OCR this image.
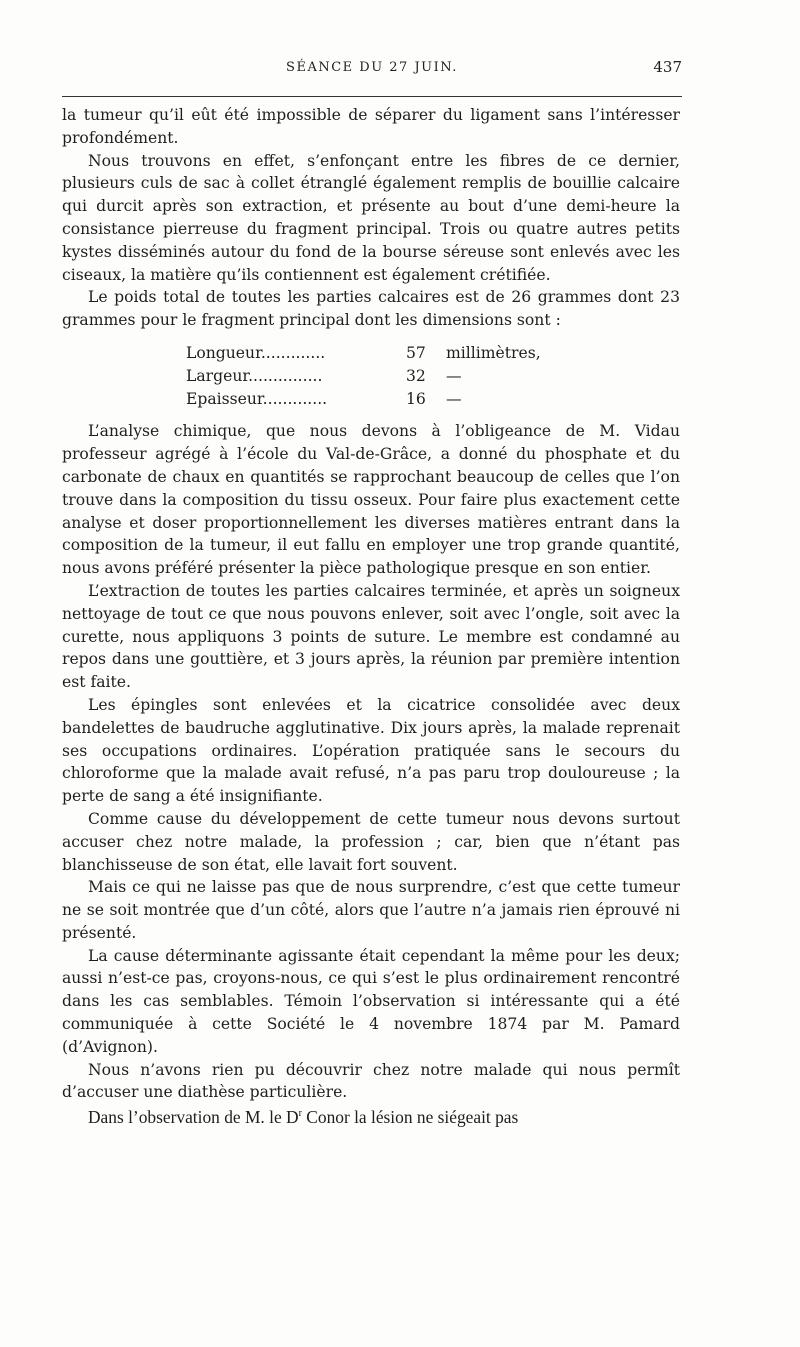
SÉANCE DU 27 JUIN.	437

la tumeur qu’il eût été impossible de séparer du ligament sans l’intéresser profondément.

Nous trouvons en effet, s’enfonçant entre les fibres de ce dernier, plusieurs culs de sac à collet étranglé également remplis de bouillie calcaire qui durcit après son extraction, et présente au bout d’une demi-heure la consistance pierreuse du fragment principal. Trois ou quatre autres petits kystes disséminés autour du fond de la bourse séreuse sont enlevés avec les ciseaux, la matière qu’ils contiennent est également crétifiée.

Le poids total de toutes les parties calcaires est de 26 grammes dont 23 grammes pour le fragment principal dont les dimensions sont :

Longueur.............	57	millimètres,
Largeur...............	32	—
Epaisseur.............	16	—

L’analyse chimique, que nous devons à l’obligeance de M. Vidau professeur agrégé à l’école du Val-de-Grâce, a donné du phosphate et du carbonate de chaux en quantités se rapprochant beaucoup de celles que l’on trouve dans la composition du tissu osseux. Pour faire plus exactement cette analyse et doser proportionnellement les diverses matières entrant dans la composition de la tumeur, il eut fallu en employer une trop grande quantité, nous avons préféré présenter la pièce pathologique presque en son entier.

L’extraction de toutes les parties calcaires terminée, et après un soigneux nettoyage de tout ce que nous pouvons enlever, soit avec l’ongle, soit avec la curette, nous appliquons 3 points de suture. Le membre est condamné au repos dans une gouttière, et 3 jours après, la réunion par première intention est faite.

Les épingles sont enlevées et la cicatrice consolidée avec deux bandelettes de baudruche agglutinative. Dix jours après, la malade reprenait ses occupations ordinaires. L’opération pratiquée sans le secours du chloroforme que la malade avait refusé, n’a pas paru trop douloureuse ; la perte de sang a été insignifiante.

Comme cause du développement de cette tumeur nous devons surtout accuser chez notre malade, la profession ; car, bien que n’étant pas blanchisseuse de son état, elle lavait fort souvent.

Mais ce qui ne laisse pas que de nous surprendre, c’est que cette tumeur ne se soit montrée que d’un côté, alors que l’autre n’a jamais rien éprouvé ni présenté.

La cause déterminante agissante était cependant la même pour les deux; aussi n’est-ce pas, croyons-nous, ce qui s’est le plus ordinairement rencontré dans les cas semblables. Témoin l’observation si intéressante qui a été communiquée à cette Société le 4 novembre 1874 par M. Pamard (d’Avignon).

Nous n’avons rien pu découvrir chez notre malade qui nous permît d’accuser une diathèse particulière.

Dans l’observation de M. le $D^r$ Conor la lésion ne siégeait pas
